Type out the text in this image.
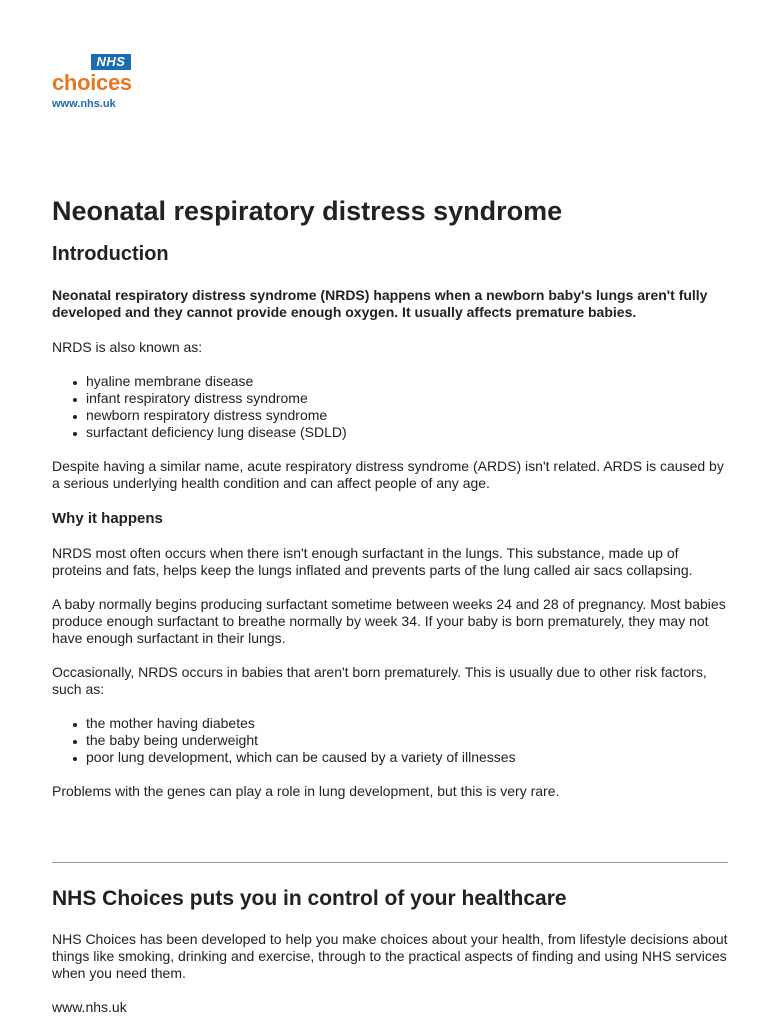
NHS
choices
www.nhs.uk
Neonatal respiratory distress syndrome
Introduction

Neonatal respiratory distress syndrome (NRDS) happens when a newborn baby's lungs aren't fully developed and they cannot provide enough oxygen. It usually affects premature babies.

NRDS is also known as:

hyaline membrane disease
infant respiratory distress syndrome
newborn respiratory distress syndrome
surfactant deficiency lung disease (SDLD)

Despite having a similar name, acute respiratory distress syndrome (ARDS) isn't related. ARDS is caused by a serious underlying health condition and can affect people of any age.

Why it happens

NRDS most often occurs when there isn't enough surfactant in the lungs. This substance, made up of proteins and fats, helps keep the lungs inflated and prevents parts of the lung called air sacs collapsing.

A baby normally begins producing surfactant sometime between weeks 24 and 28 of pregnancy. Most babies produce enough surfactant to breathe normally by week 34. If your baby is born prematurely, they may not have enough surfactant in their lungs.

Occasionally, NRDS occurs in babies that aren't born prematurely. This is usually due to other risk factors, such as:

the mother having diabetes
the baby being underweight
poor lung development, which can be caused by a variety of illnesses

Problems with the genes can play a role in lung development, but this is very rare.

NHS Choices puts you in control of your healthcare

NHS Choices has been developed to help you make choices about your health, from lifestyle decisions about things like smoking, drinking and exercise, through to the practical aspects of finding and using NHS services when you need them.

www.nhs.uk
